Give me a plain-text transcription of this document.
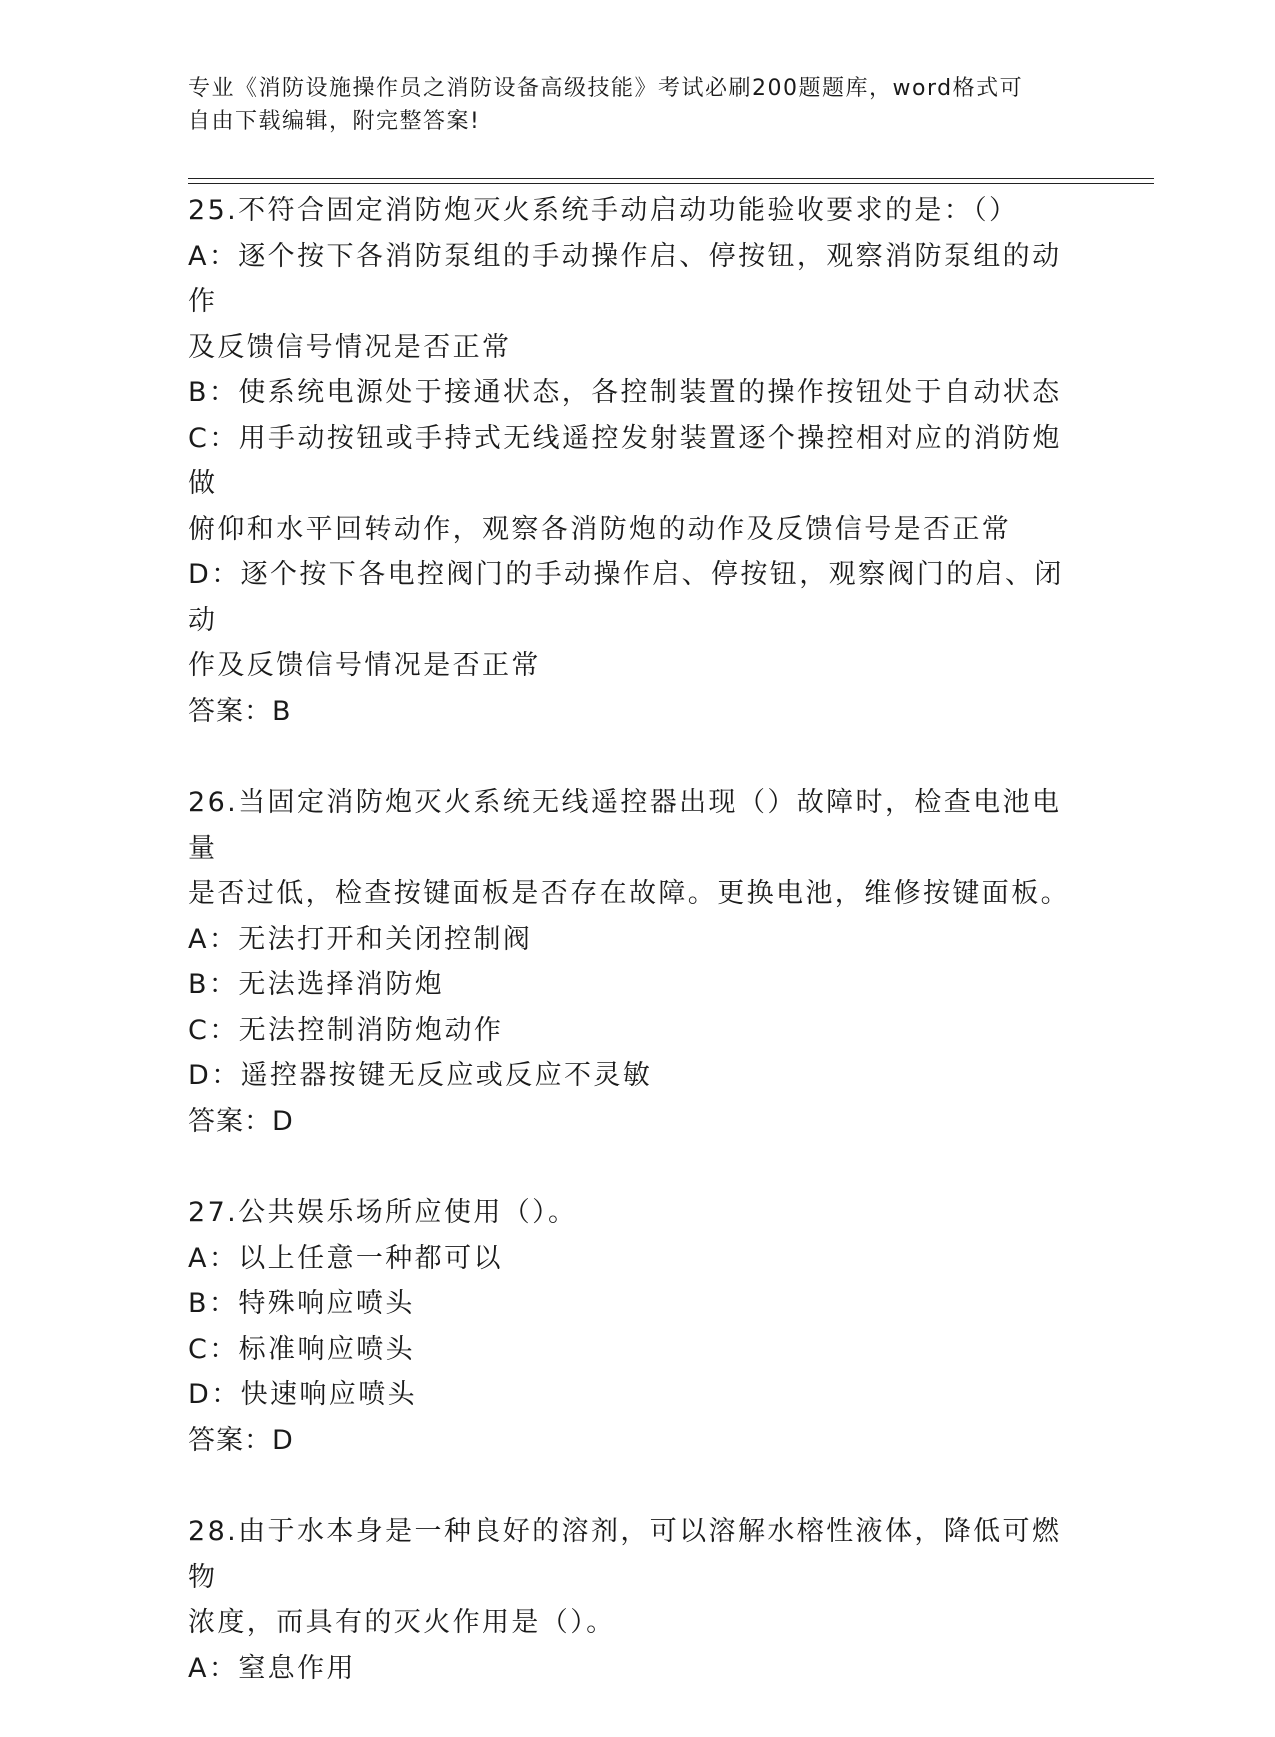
专业《消防设施操作员之消防设备高级技能》考试必刷200题题库，word格式可
自由下载编辑，附完整答案!

25.不符合固定消防炮灭火系统手动启动功能验收要求的是：（）

A：逐个按下各消防泵组的手动操作启、停按钮，观察消防泵组的动作

及反馈信号情况是否正常

B：使系统电源处于接通状态，各控制装置的操作按钮处于自动状态

C：用手动按钮或手持式无线遥控发射装置逐个操控相对应的消防炮做

俯仰和水平回转动作，观察各消防炮的动作及反馈信号是否正常

D：逐个按下各电控阀门的手动操作启、停按钮，观察阀门的启、闭动

作及反馈信号情况是否正常

答案：B

26.当固定消防炮灭火系统无线遥控器出现（）故障时，检查电池电量

是否过低，检查按键面板是否存在故障。更换电池，维修按键面板。

A：无法打开和关闭控制阀

B：无法选择消防炮

C：无法控制消防炮动作

D：遥控器按键无反应或反应不灵敏

答案：D

27.公共娱乐场所应使用（）。

A：以上任意一种都可以

B：特殊响应喷头

C：标准响应喷头

D：快速响应喷头

答案：D

28.由于水本身是一种良好的溶剂，可以溶解水榕性液体，降低可燃物

浓度，而具有的灭火作用是（）。

A：窒息作用
